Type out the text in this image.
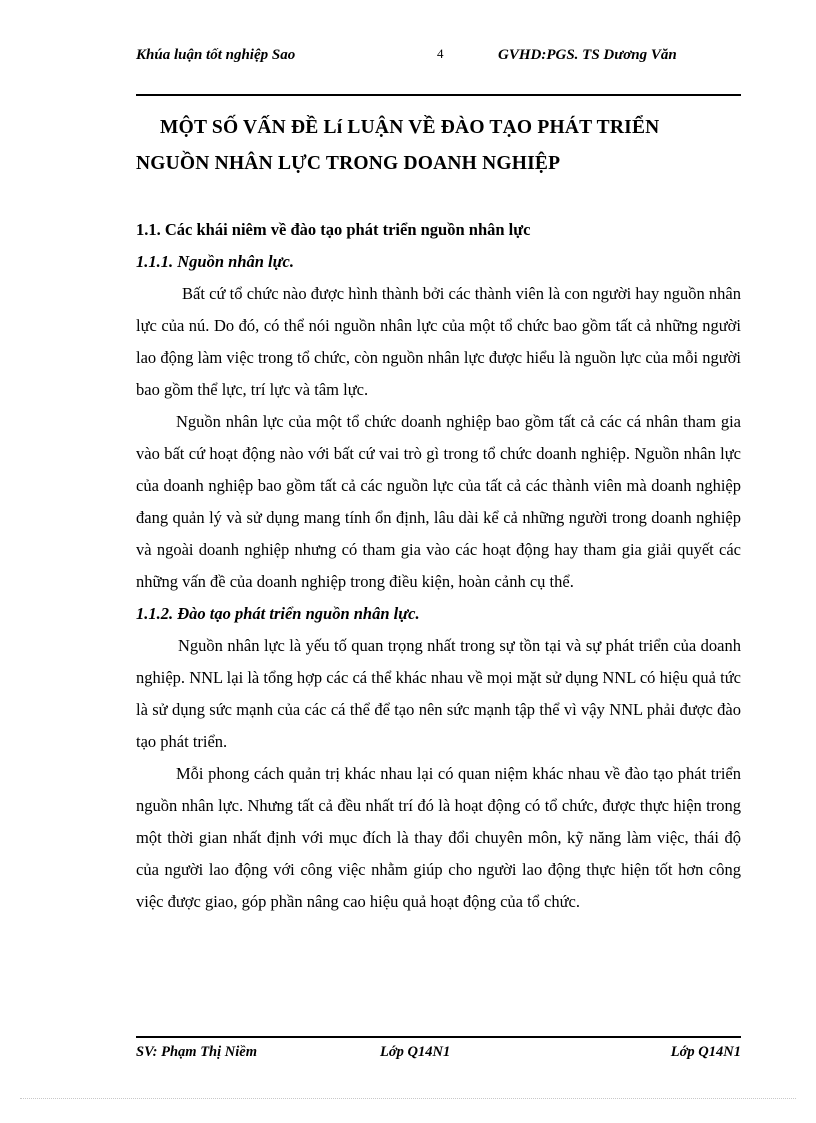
Khúa luận tốt nghiệp Sao	4	GVHD:PGS. TS Dương Văn
MỘT SỐ VẤN ĐỀ Lí LUẬN VỀ ĐÀO TẠO PHÁT TRIỂN
NGUỒN NHÂN LỰC TRONG DOANH NGHIỆP
1.1. Các khái niêm về đào tạo phát triển nguồn nhân lực
1.1.1. Nguồn nhân lực.

Bất cứ tổ chức nào được hình thành bởi các thành viên là con người hay nguồn nhân lực của nú. Do đó, có thể nói nguồn nhân lực của một tổ chức bao gồm tất cả những người lao động làm việc trong tổ chức, còn nguồn nhân lực được hiểu là nguồn lực của mỗi người bao gồm thể lực, trí lực và tâm lực.

Nguồn nhân lực của một tổ chức doanh nghiệp bao gồm tất cả các cá nhân tham gia vào bất cứ hoạt động nào với bất cứ vai trò gì trong tổ chức doanh nghiệp. Nguồn nhân lực của doanh nghiệp bao gồm tất cả các nguồn lực của tất cả các thành viên mà doanh nghiệp đang quản lý và sử dụng mang tính ổn định, lâu dài kể cả những người trong doanh nghiệp và ngoài doanh nghiệp nhưng có tham gia vào các hoạt động hay tham gia giải quyết các những vấn đề của doanh nghiệp trong điều kiện, hoàn cảnh cụ thể.

1.1.2. Đào tạo phát triển nguồn nhân lực.

Nguồn nhân lực là yếu tố quan trọng nhất trong sự tồn tại và sự phát triển của doanh nghiệp. NNL lại là tổng hợp các cá thể khác nhau về mọi mặt sử dụng NNL có hiệu quả tức là sử dụng sức mạnh của các cá thể để tạo nên sức mạnh tập thể vì vậy NNL phải được đào tạo phát triển.

Mỗi phong cách quản trị khác nhau lại có quan niệm khác nhau về đào tạo phát triển nguồn nhân lực. Nhưng tất cả đều nhất trí đó là hoạt động có tổ chức, được thực hiện trong một thời gian nhất định với mục đích là thay đổi chuyên môn, kỹ năng làm việc, thái độ của người lao động với công việc nhằm giúp cho người lao động thực hiện tốt hơn công việc được giao, góp phần nâng cao hiệu quả hoạt động của tổ chức.

SV: Phạm Thị Niềm	Lớp Q14N1	Lớp Q14N1
